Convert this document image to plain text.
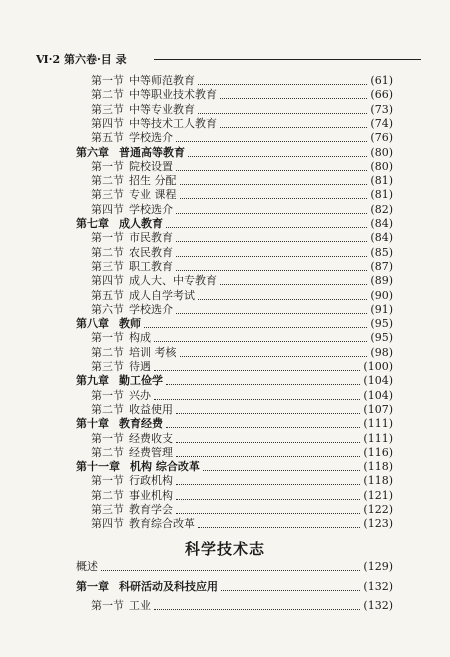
Ⅵ·2 第六卷·目 录
第一节 中等师范教育	(61)
第二节 中等职业技术教育	(66)
第三节 中等专业教育	(73)
第四节 中等技术工人教育	(74)
第五节 学校选介	(76)
第六章 普通高等教育	(80)
第一节 院校设置	(80)
第二节 招生 分配	(81)
第三节 专业 课程	(81)
第四节 学校选介	(82)
第七章 成人教育	(84)
第一节 市民教育	(84)
第二节 农民教育	(85)
第三节 职工教育	(87)
第四节 成人大、中专教育	(89)
第五节 成人自学考试	(90)
第六节 学校选介	(91)
第八章 教师	(95)
第一节 构成	(95)
第二节 培训 考核	(98)
第三节 待遇	(100)
第九章 勤工俭学	(104)
第一节 兴办	(104)
第二节 收益使用	(107)
第十章 教育经费	(111)
第一节 经费收支	(111)
第二节 经费管理	(116)
第十一章 机构 综合改革	(118)
第一节 行政机构	(118)
第二节 事业机构	(121)
第三节 教育学会	(122)
第四节 教育综合改革	(123)
科学技术志
概述	(129)
第一章 科研活动及科技应用	(132)
第一节 工业	(132)
